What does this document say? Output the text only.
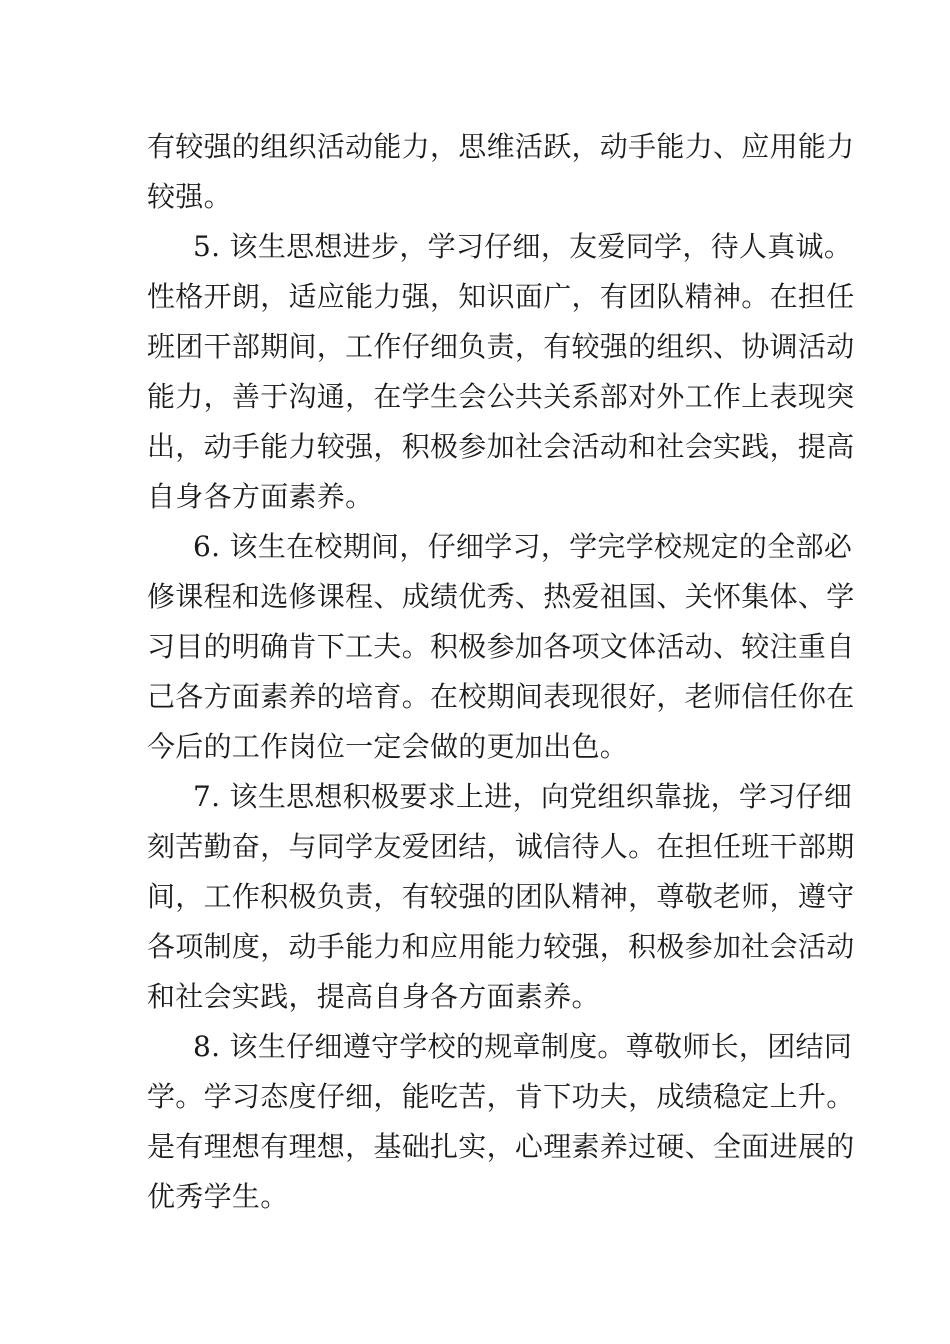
有较强的组织活动能力，思维活跃，动手能力、应用能力
较强。
5. 该生思想进步，学习仔细，友爱同学，待人真诚。
性格开朗，适应能力强，知识面广，有团队精神。在担任
班团干部期间，工作仔细负责，有较强的组织、协调活动
能力，善于沟通，在学生会公共关系部对外工作上表现突
出，动手能力较强，积极参加社会活动和社会实践，提高
自身各方面素养。
6. 该生在校期间，仔细学习，学完学校规定的全部必
修课程和选修课程、成绩优秀、热爱祖国、关怀集体、学
习目的明确肯下工夫。积极参加各项文体活动、较注重自
己各方面素养的培育。在校期间表现很好，老师信任你在
今后的工作岗位一定会做的更加出色。
7. 该生思想积极要求上进，向党组织靠拢，学习仔细
刻苦勤奋，与同学友爱团结，诚信待人。在担任班干部期
间，工作积极负责，有较强的团队精神，尊敬老师，遵守
各项制度，动手能力和应用能力较强，积极参加社会活动
和社会实践，提高自身各方面素养。
8. 该生仔细遵守学校的规章制度。尊敬师长，团结同
学。学习态度仔细，能吃苦，肯下功夫，成绩稳定上升。
是有理想有理想，基础扎实，心理素养过硬、全面进展的
优秀学生。
